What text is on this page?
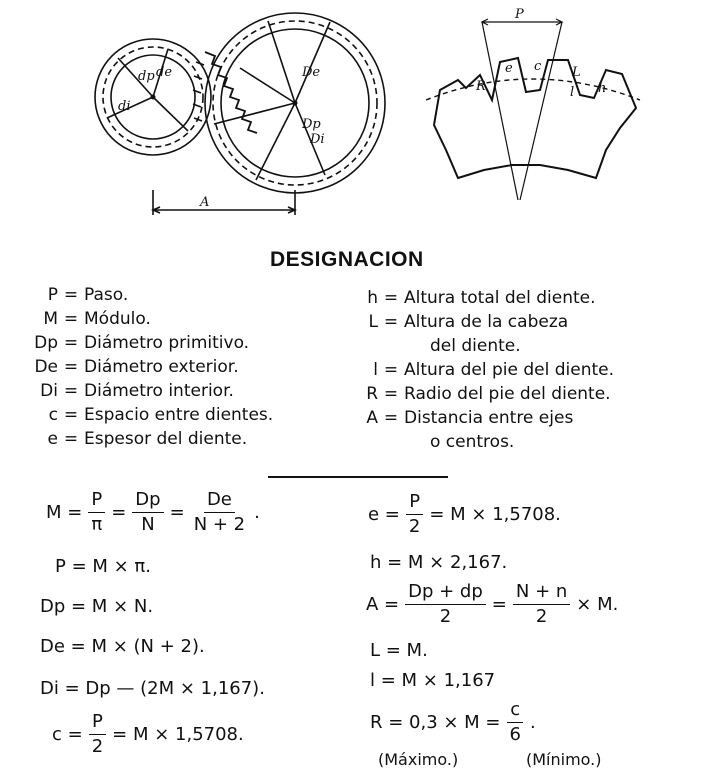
dp de
di
Dp
De
Di
A
P
e c L
h
l
R
DESIGNACION
P = Paso.
M = Módulo.
Dp = Diámetro primitivo.
De = Diámetro exterior.
Di = Diámetro interior.
c = Espacio entre dientes.
e = Espesor del diente.
h = Altura total del diente.
L = Altura de la cabeza
del diente.
l = Altura del pie del diente.
R = Radio del pie del diente.
A = Distancia entre ejes
o centros.
$M = \frac{P}{\pi} = \frac{Dp}{N} = \frac{De}{N + 2}$ .
P = M × π.
Dp = M × N.
De = M × (N + 2).
Di = Dp — (2M × 1,167).
$c = \frac{P}{2} = M \times 1,5708$.
$e = \frac{P}{2} = M \times 1,5708$.
h = M × 2,167.
$A = \frac{Dp + dp}{2} = \frac{N + n}{2} \times M$.
L = M.
l = M × 1,167
$R = 0,3 \times M = \frac{c}{6}$ .
(Máximo.)	(Mínimo.)
